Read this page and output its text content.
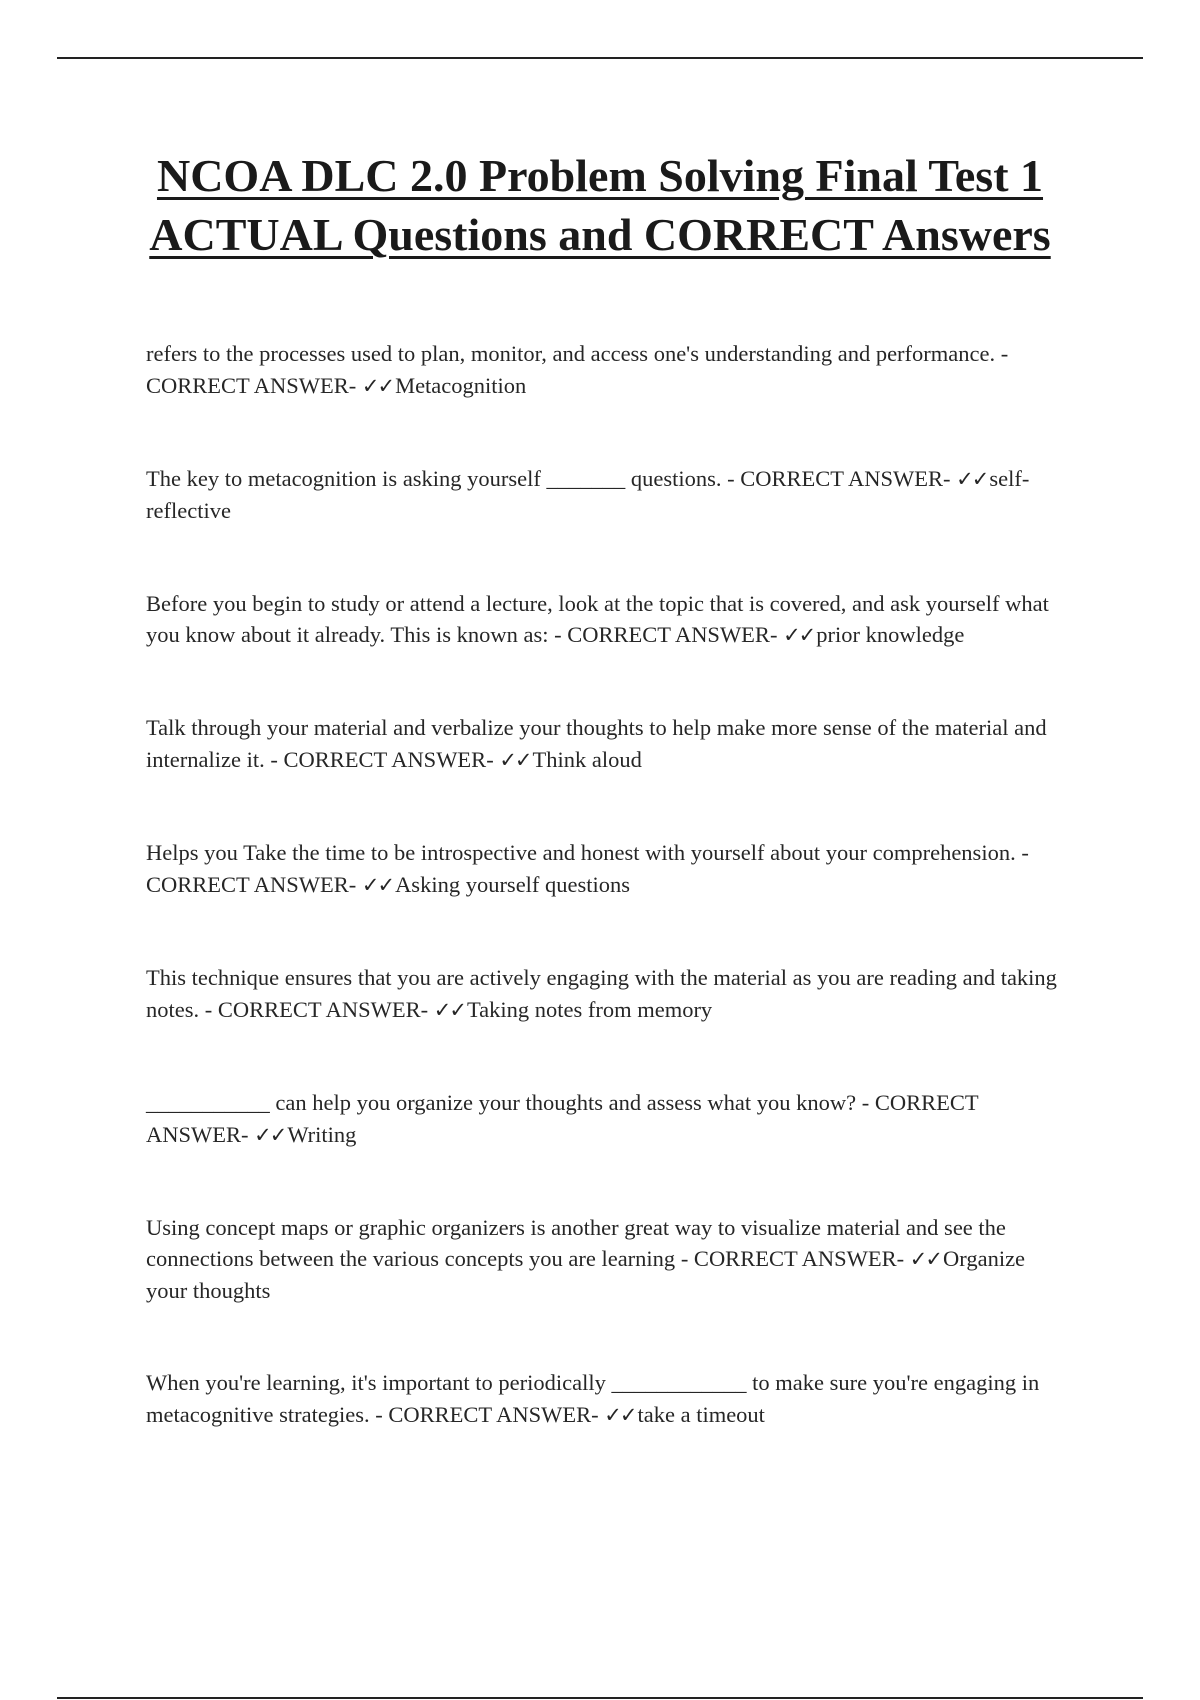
NCOA DLC 2.0 Problem Solving Final Test 1 ACTUAL Questions and CORRECT Answers
refers to the processes used to plan, monitor, and access one's understanding and performance. - CORRECT ANSWER- ✓✓Metacognition
The key to metacognition is asking yourself _______ questions. - CORRECT ANSWER- ✓✓self-reflective
Before you begin to study or attend a lecture, look at the topic that is covered, and ask yourself what you know about it already. This is known as: - CORRECT ANSWER- ✓✓prior knowledge
Talk through your material and verbalize your thoughts to help make more sense of the material and internalize it. - CORRECT ANSWER- ✓✓Think aloud
Helps you Take the time to be introspective and honest with yourself about your comprehension. - CORRECT ANSWER- ✓✓Asking yourself questions
This technique ensures that you are actively engaging with the material as you are reading and taking notes. - CORRECT ANSWER- ✓✓Taking notes from memory
___________ can help you organize your thoughts and assess what you know? - CORRECT ANSWER- ✓✓Writing
Using concept maps or graphic organizers is another great way to visualize material and see the connections between the various concepts you are learning - CORRECT ANSWER- ✓✓Organize your thoughts
When you're learning, it's important to periodically ____________ to make sure you're engaging in metacognitive strategies. - CORRECT ANSWER- ✓✓take a timeout
